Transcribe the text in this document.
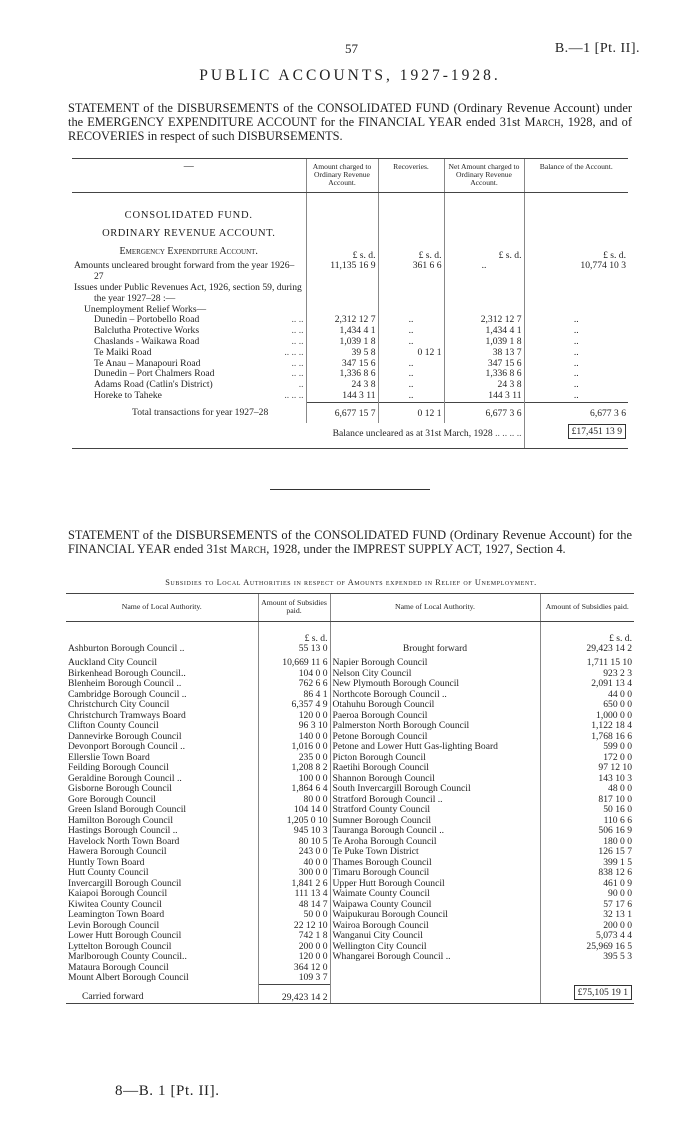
57	B.—1 [Pt. II].
PUBLIC ACCOUNTS, 1927-1928.
STATEMENT of the DISBURSEMENTS of the CONSOLIDATED FUND (Ordinary Revenue Account) under the EMERGENCY EXPENDITURE ACCOUNT for the FINANCIAL YEAR ended 31st March, 1928, and of RECOVERIES in respect of such DISBURSEMENTS.
—	Amount charged to Ordinary Revenue Account.	Recoveries.	Net Amount charged to Ordinary Revenue Account.	Balance of the Account.

CONSOLIDATED FUND.				
ORDINARY REVENUE ACCOUNT.				
Emergency Expenditure Account.	£ s. d.	£ s. d.	£ s. d.	£ s. d.
Amounts uncleared brought forward from the year 1926–27	11,135 16 9	361 6 6	..	10,774 10 3
Issues under Public Revenues Act, 1926, section 59, during the year 1927–28 :—				
Unemployment Relief Works—				
Dunedin – Portobello Road .. ..	2,312 12 7	..	2,312 12 7	..
Balclutha Protective Works .. ..	1,434 4 1	..	1,434 4 1	..
Chaslands - Waikawa Road .. ..	1,039 1 8	..	1,039 1 8	..
Te Maiki Road .. .. ..	39 5 8	0 12 1	38 13 7	..
Te Anau – Manapouri Road .. ..	347 15 6	..	347 15 6	..
Dunedin – Port Chalmers Road .. ..	1,336 8 6	..	1,336 8 6	..
Adams Road (Catlin's District) ..	24 3 8	..	24 3 8	..
Horeke to Taheke .. .. ..	144 3 11	..	144 3 11	..
Total transactions for year 1927–28	6,677 15 7	0 12 1	6,677 3 6	6,677 3 6
Balance uncleared as at 31st March, 1928 .. .. .. ..				£17,451 13 9
STATEMENT of the DISBURSEMENTS of the CONSOLIDATED FUND (Ordinary Revenue Account) for the FINANCIAL YEAR ended 31st March, 1928, under the IMPREST SUPPLY ACT, 1927, Section 4.
Subsidies to Local Authorities in respect of Amounts expended in Relief of Unemployment.
Name of Local Authority.	Amount of Subsidies paid.	Name of Local Authority.	Amount of Subsidies paid.
	£ s. d.		£ s. d.
Ashburton Borough Council ..	55 13 0	Brought forward	29,423 14 2
Auckland City Council	10,669 11 6	Napier Borough Council	1,711 15 10
Birkenhead Borough Council..	104 0 0	Nelson City Council	923 2 3
Blenheim Borough Council ..	762 6 6	New Plymouth Borough Council	2,091 13 4
Cambridge Borough Council ..	86 4 1	Northcote Borough Council ..	44 0 0
Christchurch City Council	6,357 4 9	Otahuhu Borough Council	650 0 0
Christchurch Tramways Board	120 0 0	Paeroa Borough Council	1,000 0 0
Clifton County Council	96 3 10	Palmerston North Borough Council	1,122 18 4
Dannevirke Borough Council	140 0 0	Petone Borough Council	1,768 16 6
Devonport Borough Council ..	1,016 0 0	Petone and Lower Hutt Gas-lighting Board	599 0 0
Ellerslie Town Board	235 0 0	Picton Borough Council	172 0 0
Feilding Borough Council	1,208 8 2	Raetihi Borough Council	97 12 10
Geraldine Borough Council ..	100 0 0	Shannon Borough Council	143 10 3
Gisborne Borough Council	1,864 6 4	South Invercargill Borough Council	48 0 0
Gore Borough Council	80 0 0	Stratford Borough Council ..	817 10 0
Green Island Borough Council	104 14 0	Stratford County Council	50 16 0
Hamilton Borough Council	1,205 0 10	Sumner Borough Council	110 6 6
Hastings Borough Council ..	945 10 3	Tauranga Borough Council ..	506 16 9
Havelock North Town Board	80 10 5	Te Aroha Borough Council	180 0 0
Hawera Borough Council	243 0 0	Te Puke Town District	126 15 7
Huntly Town Board	40 0 0	Thames Borough Council	399 1 5
Hutt County Council	300 0 0	Timaru Borough Council	838 12 6
Invercargill Borough Council	1,841 2 6	Upper Hutt Borough Council	461 0 9
Kaiapoi Borough Council	111 13 4	Waimate County Council	90 0 0
Kiwitea County Council	48 14 7	Waipawa County Council	57 17 6
Leamington Town Board	50 0 0	Waipukurau Borough Council	32 13 1
Levin Borough Council	22 12 10	Wairoa Borough Council	200 0 0
Lower Hutt Borough Council	742 1 8	Wanganui City Council	5,073 4 4
Lyttelton Borough Council	200 0 0	Wellington City Council	25,969 16 5
Marlborough County Council..	120 0 0	Whangarei Borough Council ..	395 5 3
Mataura Borough Council	364 12 0		
Mount Albert Borough Council	109 3 7		
Carried forward	29,423 14 2		£75,105 19 1
8—B. 1 [Pt. II].
